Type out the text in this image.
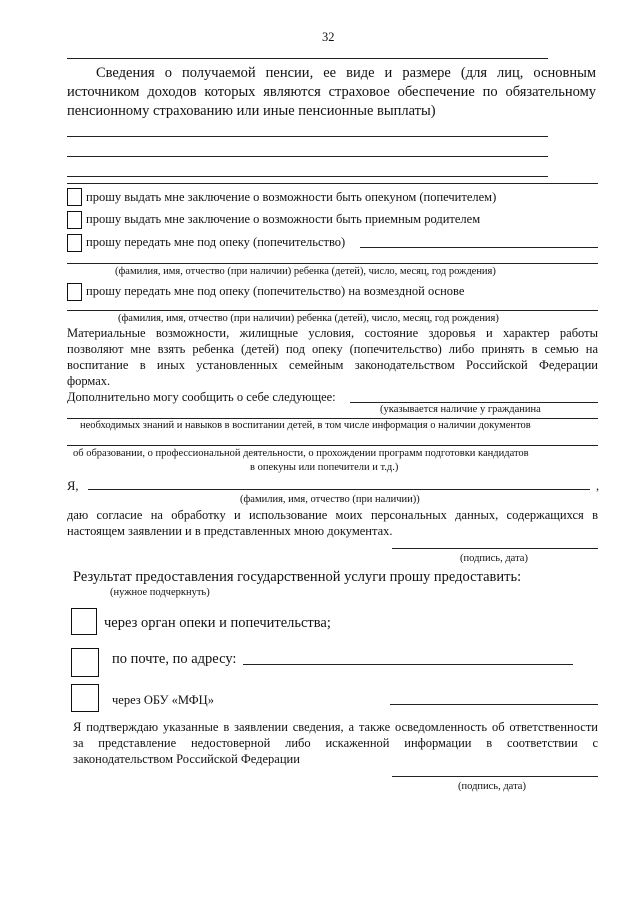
32
Сведения о получаемой пенсии, ее виде и размере (для лиц, основным
источником доходов которых являются страховое обеспечение по обязательному
пенсионному страхованию или иные пенсионные выплаты)
прошу выдать мне заключение о возможности быть опекуном (попечителем)
прошу выдать мне заключение о возможности быть приемным родителем
прошу передать мне под опеку (попечительство)
(фамилия, имя, отчество (при наличии) ребенка (детей), число, месяц, год рождения)
прошу передать мне под опеку (попечительство) на возмездной основе
(фамилия, имя, отчество (при наличии) ребенка (детей), число, месяц, год рождения)
Материальные возможности, жилищные условия, состояние здоровья и характер работы
позволяют мне взять ребенка (детей) под опеку (попечительство) либо принять в семью на
воспитание в иных установленных семейным законодательством Российской Федерации
формах.
Дополнительно могу сообщить о себе следующее:
(указывается наличие у гражданина
необходимых знаний и навыков в воспитании детей, в том числе информация о наличии документов
об образовании, о профессиональной деятельности, о прохождении программ подготовки кандидатов
в опекуны или попечители и т.д.)
Я,	,
(фамилия, имя, отчество (при наличии))
даю согласие на обработку и использование моих персональных данных, содержащихся в
настоящем заявлении и в представленных мною документах.
(подпись, дата)
Результат предоставления государственной услуги прошу предоставить:
(нужное подчеркнуть)
через орган опеки и попечительства;
по почте, по адресу:
через ОБУ «МФЦ»
Я подтверждаю указанные в заявлении сведения, а также осведомленность об ответственности
за представление недостоверной либо искаженной информации в соответствии с
законодательством Российской Федерации
(подпись, дата)
